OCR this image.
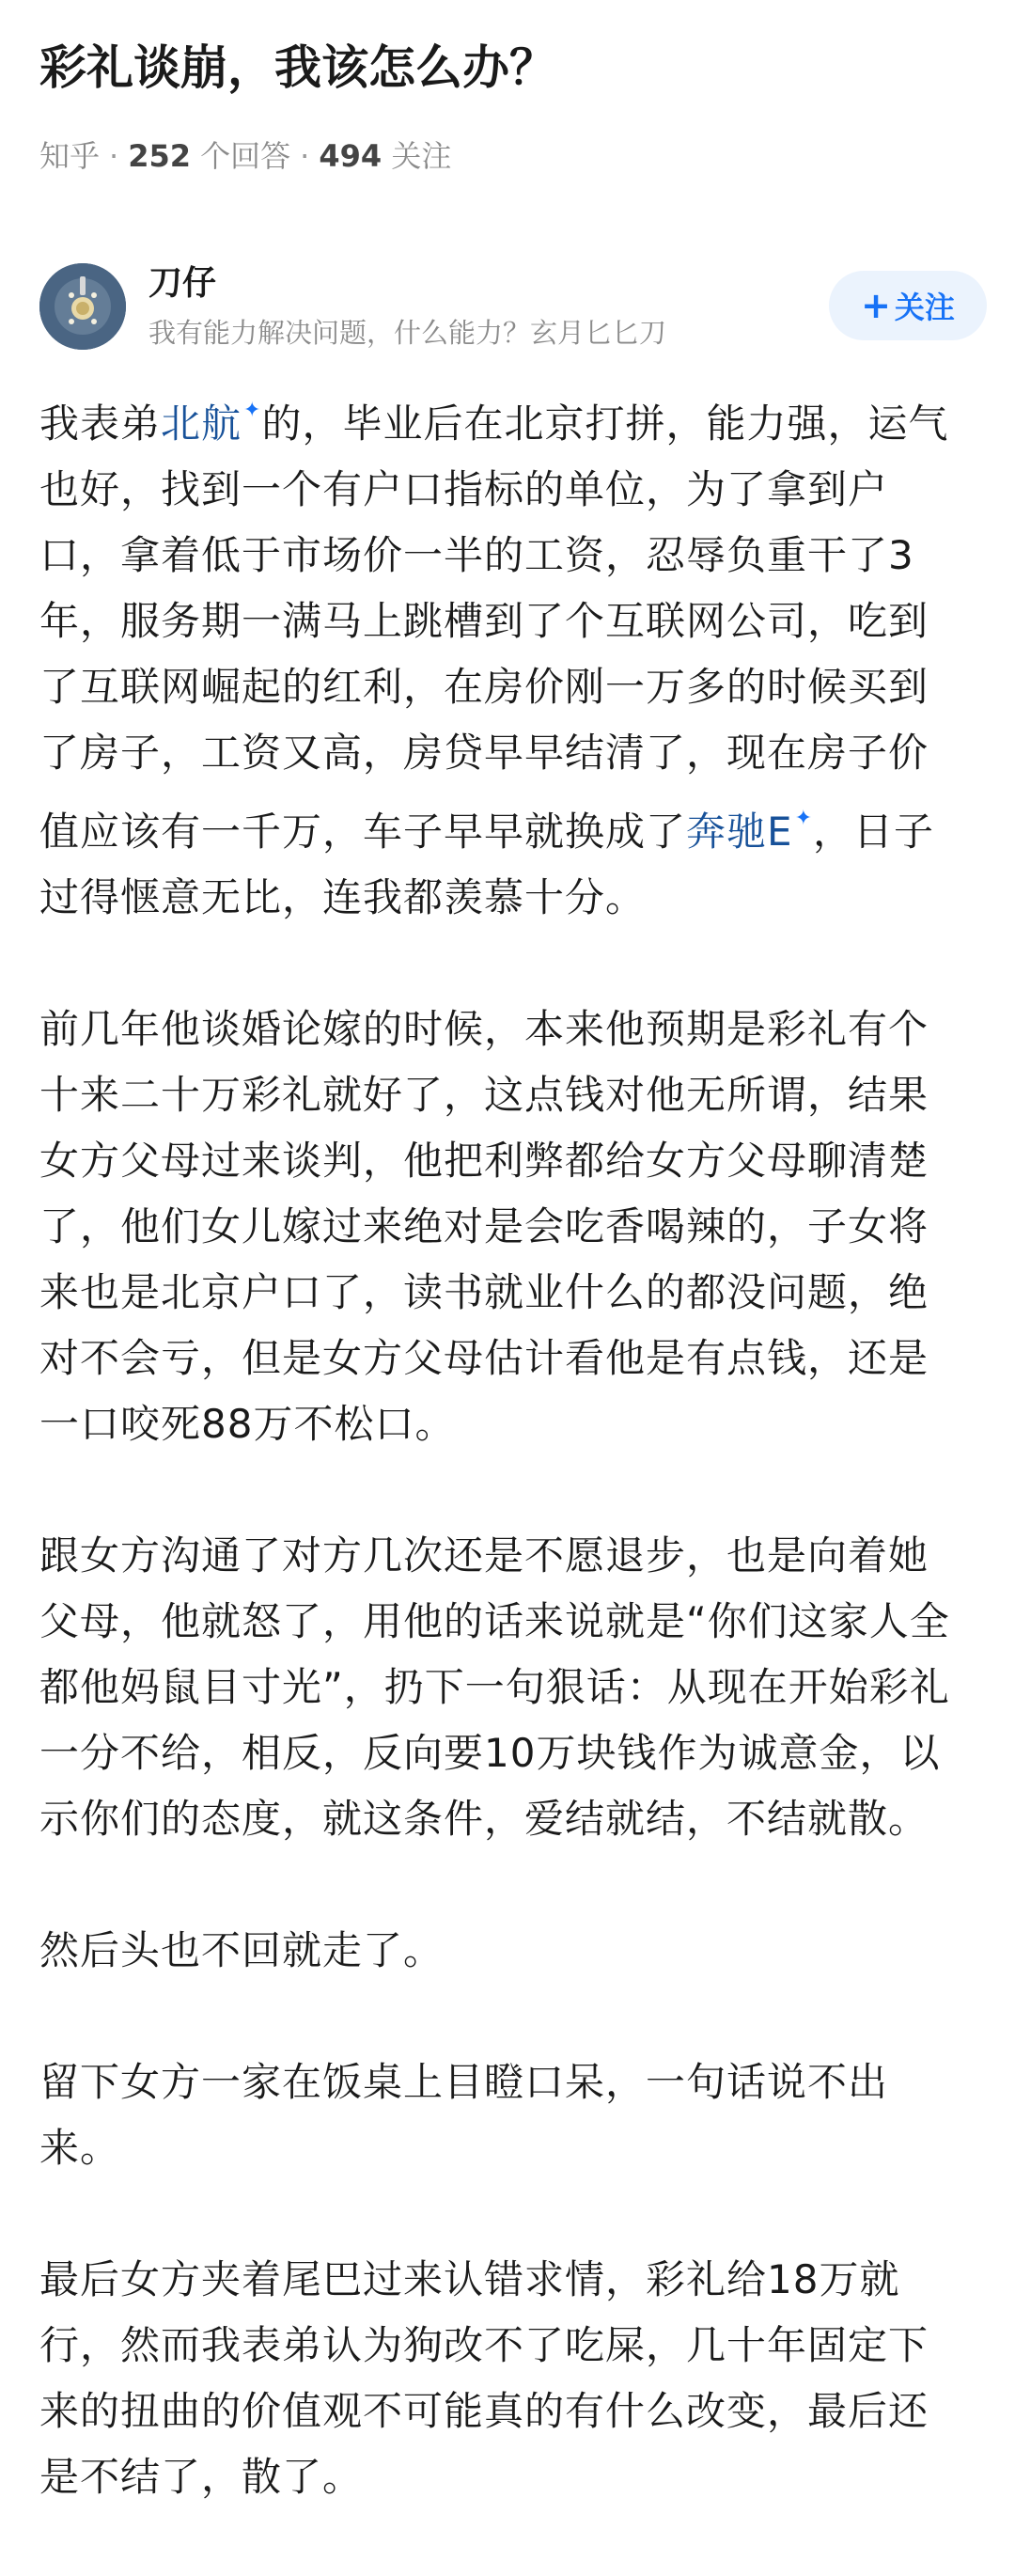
彩礼谈崩，我该怎么办？
知乎 · 252 个回答 · 494 关注
刀仔
我有能力解决问题，什么能力？玄月匕匕刀
+ 关注
我表弟北航✦的，毕业后在北京打拼，能力强，运气
也好，找到一个有户口指标的单位，为了拿到户
口，拿着低于市场价一半的工资，忍辱负重干了3
年，服务期一满马上跳槽到了个互联网公司，吃到
了互联网崛起的红利，在房价刚一万多的时候买到
了房子，工资又高，房贷早早结清了，现在房子价
值应该有一千万，车子早早就换成了奔驰E✦，日子
过得惬意无比，连我都羡慕十分。
前几年他谈婚论嫁的时候，本来他预期是彩礼有个
十来二十万彩礼就好了，这点钱对他无所谓，结果
女方父母过来谈判，他把利弊都给女方父母聊清楚
了，他们女儿嫁过来绝对是会吃香喝辣的，子女将
来也是北京户口了，读书就业什么的都没问题，绝
对不会亏，但是女方父母估计看他是有点钱，还是
一口咬死88万不松口。
跟女方沟通了对方几次还是不愿退步，也是向着她
父母，他就怒了，用他的话来说就是“你们这家人全
都他妈鼠目寸光”，扔下一句狠话：从现在开始彩礼
一分不给，相反，反向要10万块钱作为诚意金，以
示你们的态度，就这条件，爱结就结，不结就散。
然后头也不回就走了。
留下女方一家在饭桌上目瞪口呆，一句话说不出
来。
最后女方夹着尾巴过来认错求情，彩礼给18万就
行，然而我表弟认为狗改不了吃屎，几十年固定下
来的扭曲的价值观不可能真的有什么改变，最后还
是不结了，散了。
